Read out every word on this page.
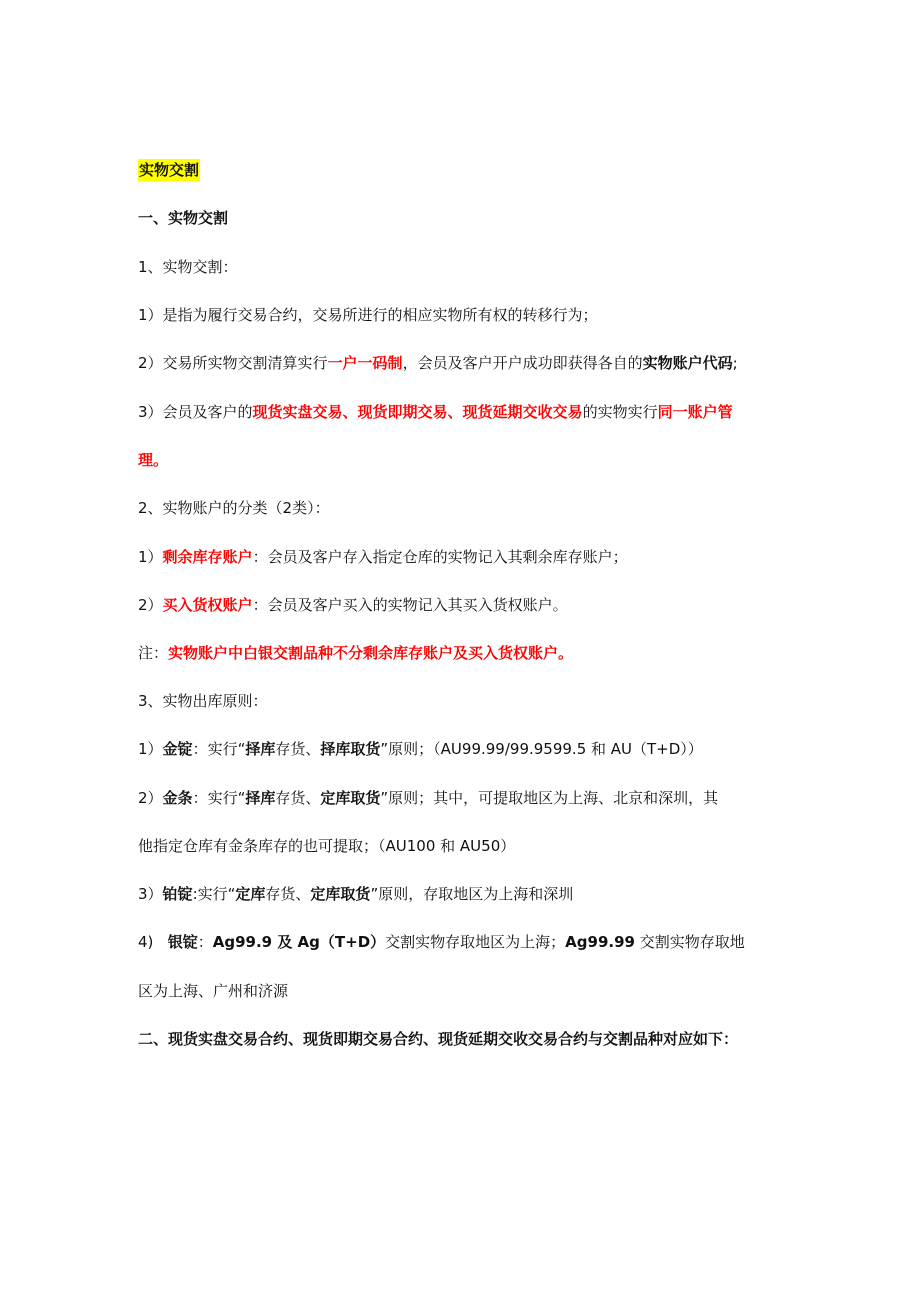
实物交割
一、实物交割
1、实物交割：
1）是指为履行交易合约，交易所进行的相应实物所有权的转移行为；
2）交易所实物交割清算实行一户一码制，会员及客户开户成功即获得各自的实物账户代码;
3）会员及客户的现货实盘交易、现货即期交易、现货延期交收交易的实物实行同一账户管
理。
2、实物账户的分类（2类）：
1）剩余库存账户：会员及客户存入指定仓库的实物记入其剩余库存账户；
2）买入货权账户：会员及客户买入的实物记入其买入货权账户。
注：实物账户中白银交割品种不分剩余库存账户及买入货权账户。
3、实物出库原则：
1）金锭：实行“择库存货、择库取货”原则；（AU99.99/99.9599.5 和 AU（T+D））
2）金条：实行“择库存货、定库取货”原则；其中，可提取地区为上海、北京和深圳，其
他指定仓库有金条库存的也可提取；（AU100 和 AU50）
3）铂锭:实行“定库存货、定库取货”原则，存取地区为上海和深圳
4) 银锭：Ag99.9 及 Ag（T+D）交割实物存取地区为上海；Ag99.99 交割实物存取地
区为上海、广州和济源
二、现货实盘交易合约、现货即期交易合约、现货延期交收交易合约与交割品种对应如下：
